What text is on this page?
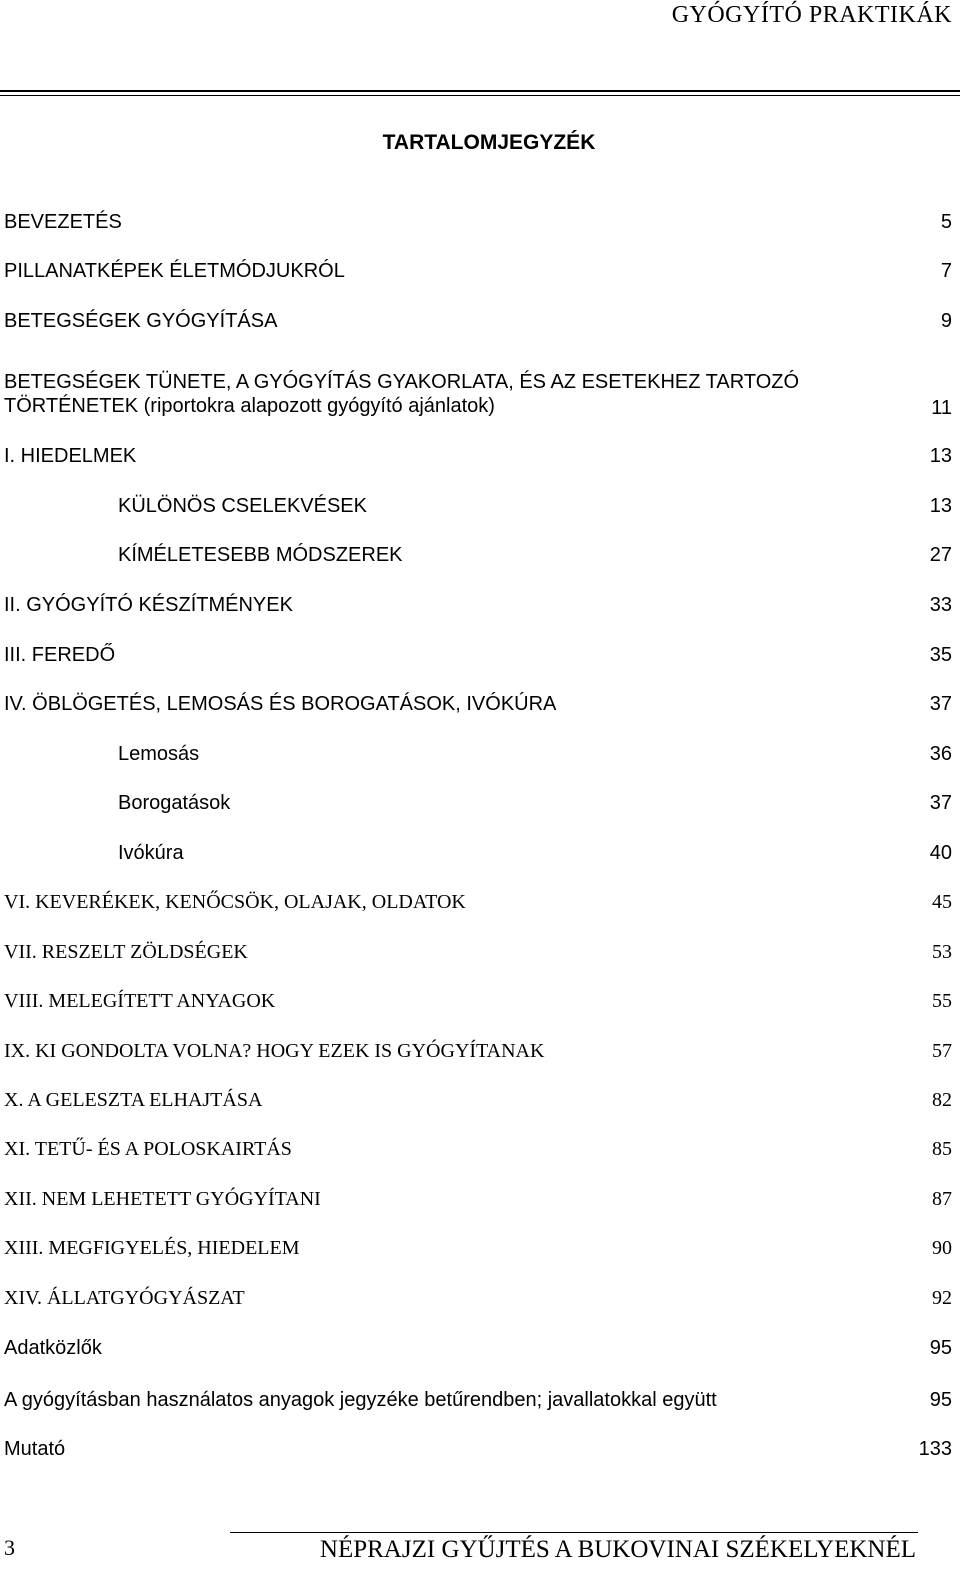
GYÓGYÍTÓ PRAKTIKÁK
TARTALOMJEGYZÉK
BEVEZETÉS	5
PILLANATKÉPEK ÉLETMÓDJUKRÓL	7
BETEGSÉGEK GYÓGYÍTÁSA	9
BETEGSÉGEK TÜNETE, A GYÓGYÍTÁS GYAKORLATA, ÉS AZ ESETEKHEZ TARTOZÓ
TÖRTÉNETEK (riportokra alapozott gyógyító ajánlatok)	11
I. HIEDELMEK	13
KÜLÖNÖS CSELEKVÉSEK	13
KÍMÉLETESEBB MÓDSZEREK	27
II. GYÓGYÍTÓ KÉSZÍTMÉNYEK	33
III. FEREDŐ	35
IV. ÖBLÖGETÉS, LEMOSÁS ÉS BOROGATÁSOK, IVÓKÚRA	37
Lemosás	36
Borogatások	37
Ivókúra	40
VI. KEVERÉKEK, KENŐCSÖK, OLAJAK, OLDATOK	45
VII. RESZELT ZÖLDSÉGEK	53
VIII. MELEGÍTETT ANYAGOK	55
IX. KI GONDOLTA VOLNA? HOGY EZEK IS GYÓGYÍTANAK	57
X. A GELESZTA ELHAJTÁSA	82
XI. TETŰ- ÉS A POLOSKAIRTÁS	85
XII. NEM LEHETETT GYÓGYÍTANI	87
XIII. MEGFIGYELÉS, HIEDELEM	90
XIV. ÁLLATGYÓGYÁSZAT	92
Adatközlők	95
A gyógyításban használatos anyagok jegyzéke betűrendben; javallatokkal együtt	95
Mutató	133
3	NÉPRAJZI GYŰJTÉS A BUKOVINAI SZÉKELYEKNÉL
